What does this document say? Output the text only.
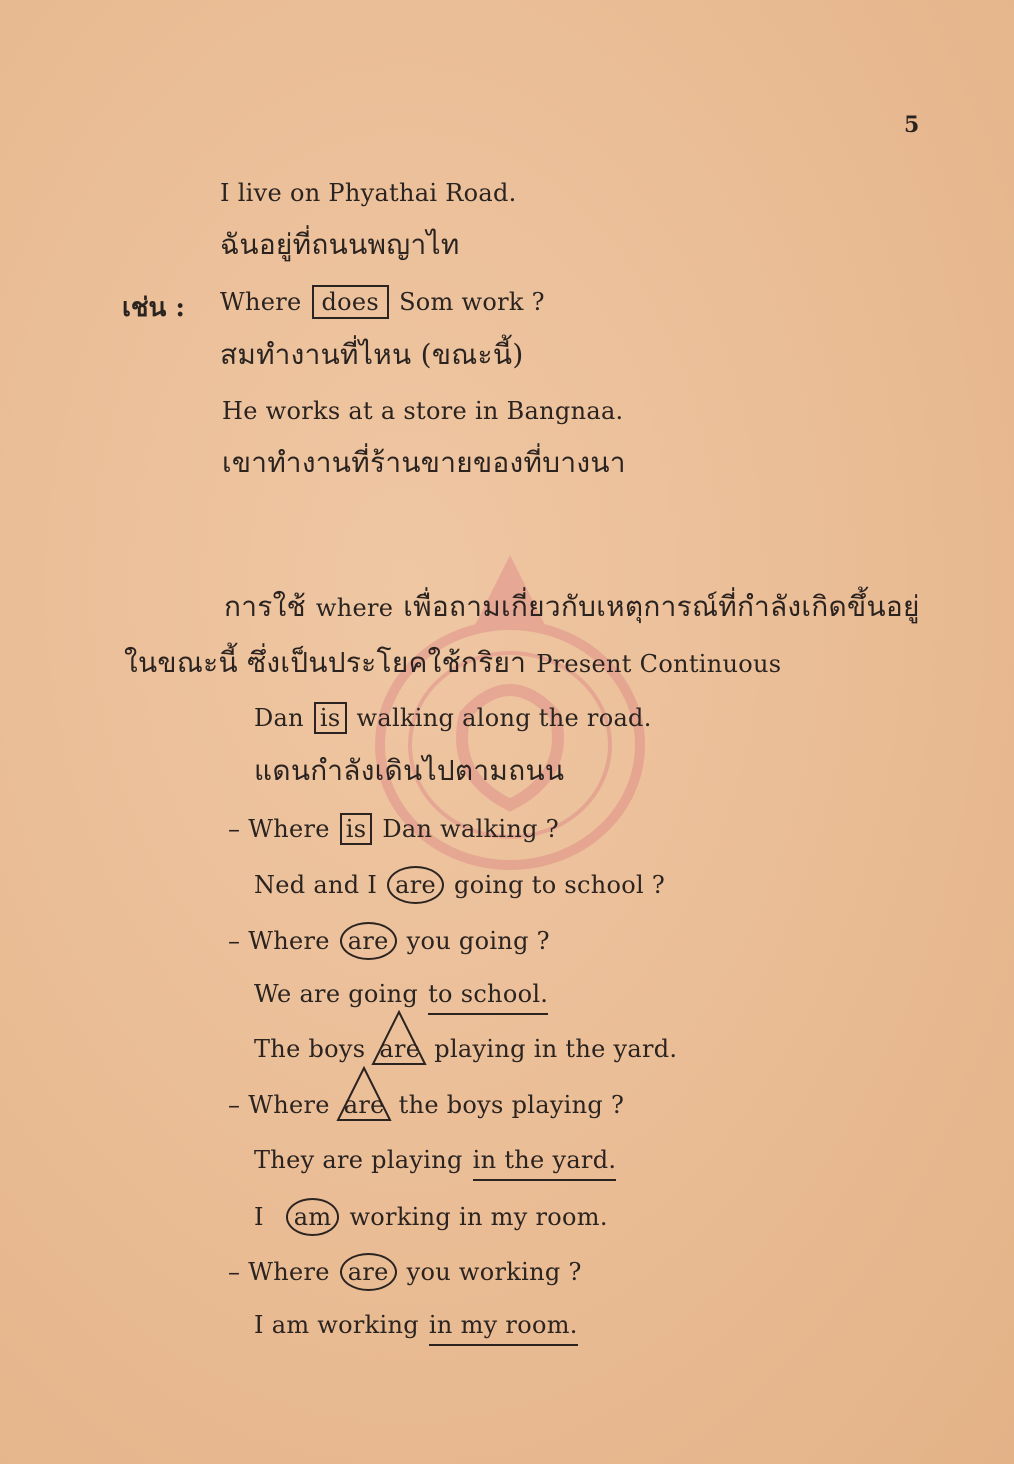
5
I live on Phyathai Road.
ฉันอยู่ที่ถนนพญาไท
เช่น : Where does Som work ?
สมทำงานที่ไหน (ขณะนี้)
He works at a store in Bangnaa.
เขาทำงานที่ร้านขายของที่บางนา
การใช้ where เพื่อถามเกี่ยวกับเหตุการณ์ที่กำลังเกิดขึ้นอยู่
ในขณะนี้ ซึ่งเป็นประโยคใช้กริยา Present Continuous
Dan is walking along the road.
แดนกำลังเดินไปตามถนน
– Where is Dan walking ?
Ned and I are going to school ?
– Where are you going ?
We are going to school.
The boys are playing in the yard.
– Where are the boys playing ?
They are playing in the yard.
I am working in my room.
– Where are you working ?
I am working in my room.
